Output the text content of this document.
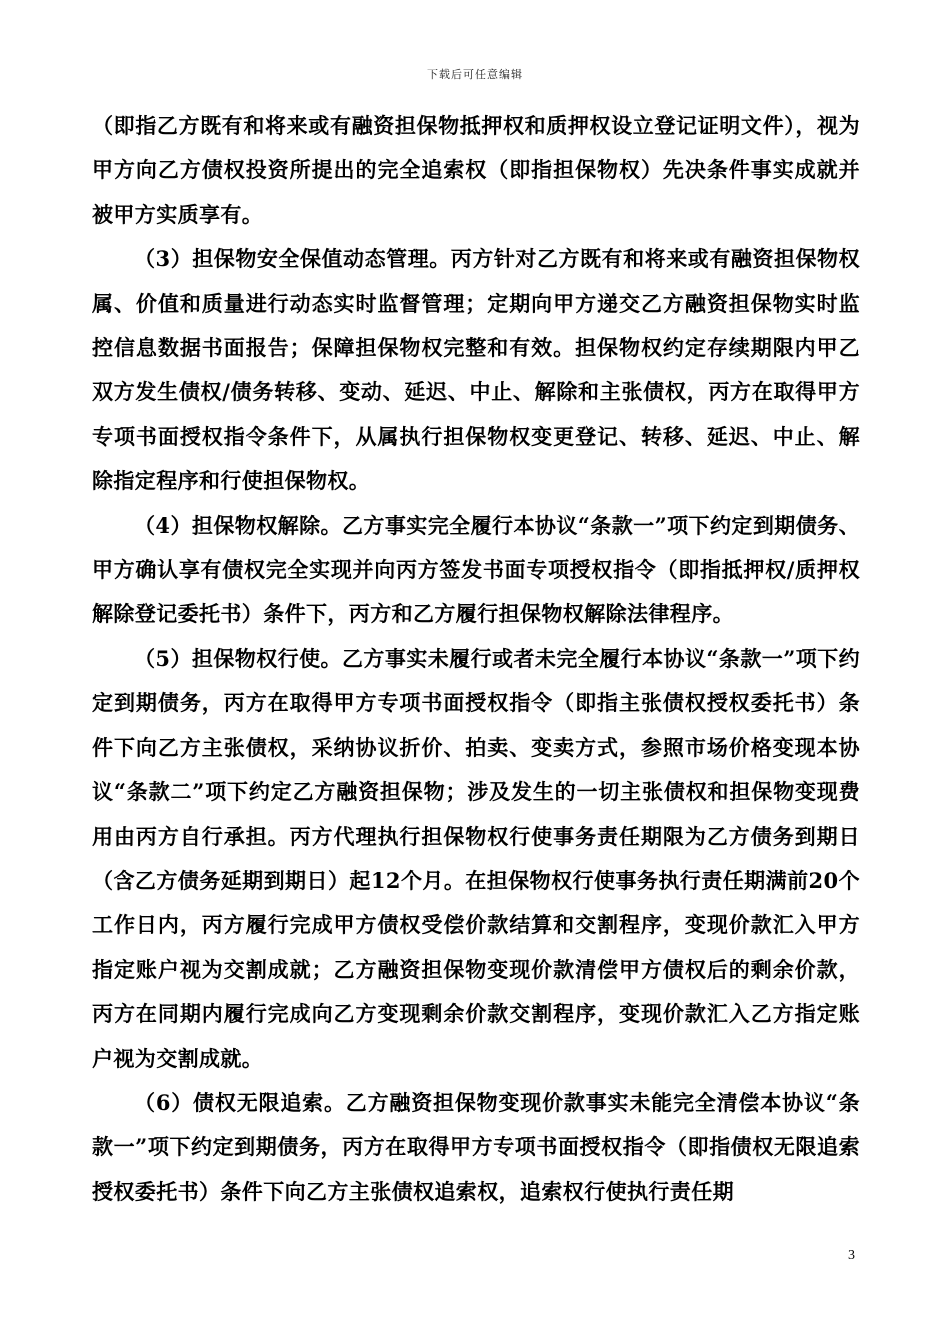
下载后可任意编辑

（即指乙方既有和将来或有融资担保物抵押权和质押权设立登记证明文件），视为甲方向乙方债权投资所提出的完全追索权（即指担保物权）先决条件事实成就并被甲方实质享有。

（3）担保物安全保值动态管理。丙方针对乙方既有和将来或有融资担保物权属、价值和质量进行动态实时监督管理；定期向甲方递交乙方融资担保物实时监控信息数据书面报告；保障担保物权完整和有效。担保物权约定存续期限内甲乙双方发生债权/债务转移、变动、延迟、中止、解除和主张债权，丙方在取得甲方专项书面授权指令条件下，从属执行担保物权变更登记、转移、延迟、中止、解除指定程序和行使担保物权。

（4）担保物权解除。乙方事实完全履行本协议“条款一”项下约定到期债务、甲方确认享有债权完全实现并向丙方签发书面专项授权指令（即指抵押权/质押权解除登记委托书）条件下，丙方和乙方履行担保物权解除法律程序。

（5）担保物权行使。乙方事实未履行或者未完全履行本协议“条款一”项下约定到期债务，丙方在取得甲方专项书面授权指令（即指主张债权授权委托书）条件下向乙方主张债权，采纳协议折价、拍卖、变卖方式，参照市场价格变现本协议“条款二”项下约定乙方融资担保物；涉及发生的一切主张债权和担保物变现费用由丙方自行承担。丙方代理执行担保物权行使事务责任期限为乙方债务到期日（含乙方债务延期到期日）起12个月。在担保物权行使事务执行责任期满前20个工作日内，丙方履行完成甲方债权受偿价款结算和交割程序，变现价款汇入甲方指定账户视为交割成就；乙方融资担保物变现价款清偿甲方债权后的剩余价款，丙方在同期内履行完成向乙方变现剩余价款交割程序，变现价款汇入乙方指定账户视为交割成就。

（6）债权无限追索。乙方融资担保物变现价款事实未能完全清偿本协议“条款一”项下约定到期债务，丙方在取得甲方专项书面授权指令（即指债权无限追索授权委托书）条件下向乙方主张债权追索权，追索权行使执行责任期

3
